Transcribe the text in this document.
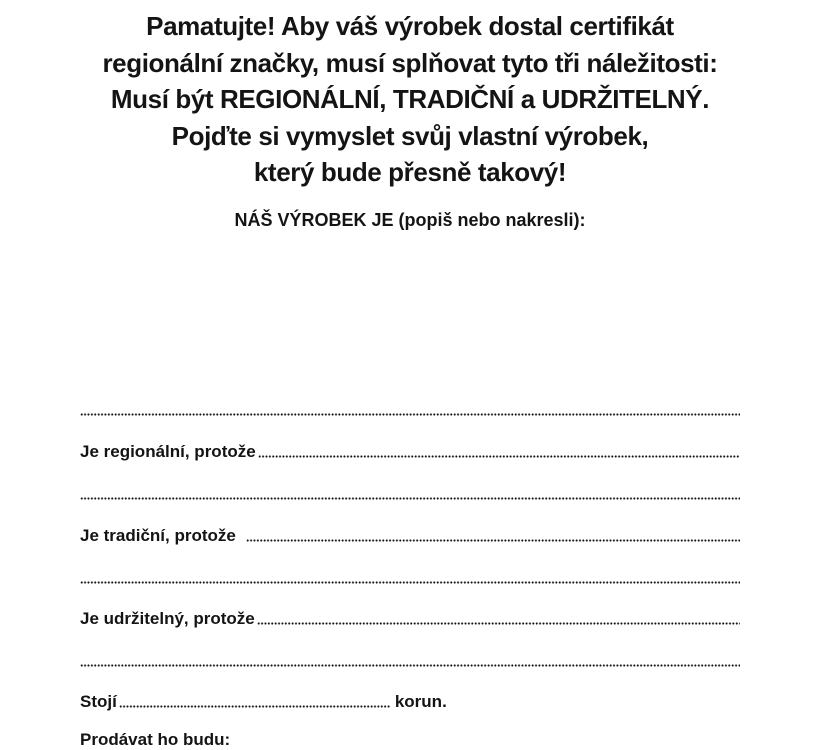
Pamatujte! Aby váš výrobek dostal certifikát
regionální značky, musí splňovat tyto tři náležitosti:
Musí být REGIONÁLNÍ, TRADIČNÍ a UDRŽITELNÝ.
Pojďte si vymyslet svůj vlastní výrobek,
který bude přesně takový!
NÁŠ VÝROBEK JE (popiš nebo nakresli):
Je regionální, protože
Je tradiční, protože
Je udržitelný, protože
Stojí	korun.
Prodávat ho budu:
